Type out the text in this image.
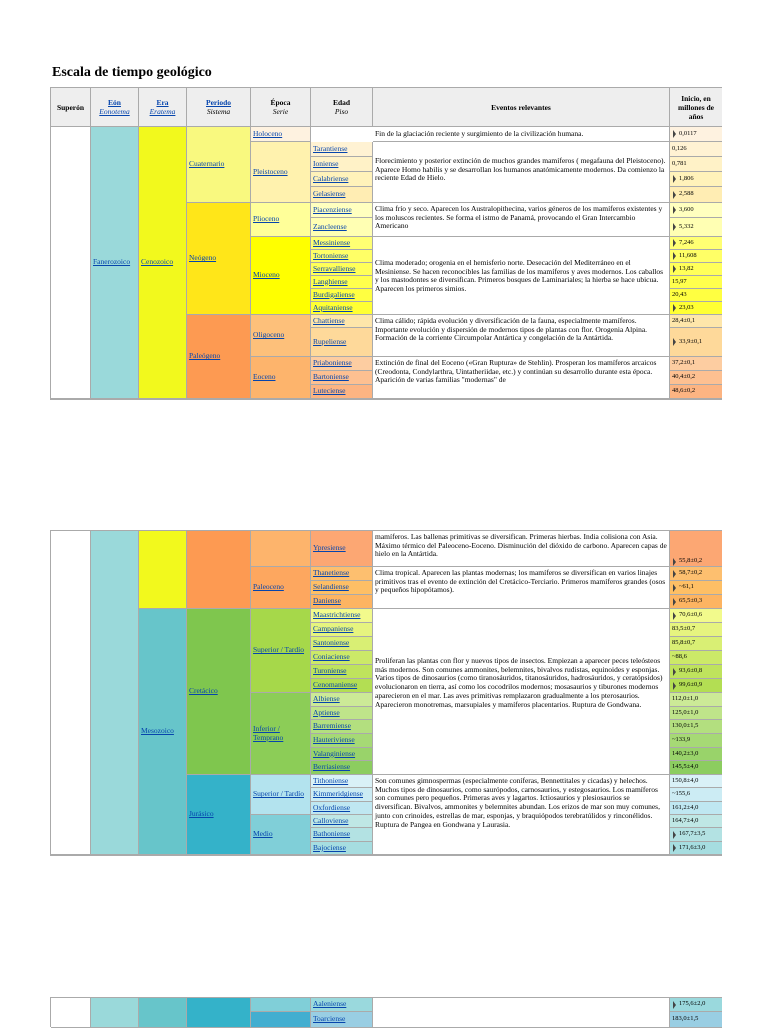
Escala de tiempo geológico
Superón	Eón
Eonotema
Era
Eratema
Periodo
Sistema
Época
Serie
Edad
Piso	Eventos relevantes
Inicio, en millones de años
Fanerozoico Cenozoico
Cuaternario
Neógeno
Paleógeno
Holoceno
Pleistoceno
Plioceno
Mioceno
Oligoceno
Eoceno
Tarantiense
Ioniense
Calabriense
Gelasiense
Piacenziense
Zancleense
Messiniense
Tortoniense
Serravalliense
Langhiense
Burdigaliense
Aquitaniense
Chattiense
Rupeliense
Priaboniense
Bartoniense
Luteciense
Fin de la glaciación reciente y surgimiento de la civilización humana.
Florecimiento y posterior extinción de muchos grandes mamíferos ( megafauna del Pleistoceno). Aparece Homo habilis y se desarrollan los humanos anatómicamente modernos. Da comienzo la reciente Edad de Hielo.
Clima frío y seco. Aparecen los Australopithecina, varios géneros de los mamíferos existentes y los moluscos recientes. Se forma el istmo de Panamá, provocando el Gran Intercambio Americano
Clima moderado; orogenia en el hemisferio norte. Desecación del Mediterráneo en el Mesiniense. Se hacen reconocibles las familias de los mamíferos y aves modernos. Los caballos y los mastodontes se diversifican. Primeros bosques de Laminariales; la hierba se hace ubicua. Aparecen los primeros simios.
Clima cálido; rápida evolución y diversificación de la fauna, especialmente mamíferos. Importante evolución y dispersión de modernos tipos de plantas con flor. Orogenia Alpina. Formación de la corriente Circumpolar Antártica y congelación de la Antártida.
Extinción de final del Eoceno («Gran Ruptura» de Stehlin). Prosperan los mamíferos arcaicos (Creodonta, Condylarthra, Uintatheriidae, etc.) y continúan su desarrollo durante esta época. Aparición de varias familias "modernas" de
0,0117
0,126
0,781
1,806
2,588
3,600
5,332
7,246
11,608
13,82
15,97
20,43
23,03
28,4±0,1
33,9±0,1
37,2±0,1
40,4±0,2
48,6±0,2
Mesozoico
Cretácico
Jurásico
Paleoceno
Superior / Tardío
Inferior / Temprano
Superior / Tardío
Medio
Ypresiense
Thanetiense
Selandiense
Daniense
Maastrichtiense
Campaniense
Santoniense
Coniaciense
Turoniense
Cenomaniense
Albiense
Aptiense
Barremiense
Hauteriviense
Valanginiense
Berriasiense
Tithoniense
Kimmeridgiense
Oxfordiense
Calloviense
Bathoniense
Bajociense
mamíferos. Las ballenas primitivas se diversifican. Primeras hierbas. India colisiona con Asia. Máximo térmico del Paleoceno-Eoceno. Disminución del dióxido de carbono. Aparecen capas de hielo en la Antártida.
Clima tropical. Aparecen las plantas modernas; los mamíferos se diversifican en varios linajes primitivos tras el evento de extinción del Cretácico-Terciario. Primeros mamíferos grandes (osos y pequeños hipopótamos).
Proliferan las plantas con flor y nuevos tipos de insectos. Empiezan a aparecer peces teleósteos más modernos. Son comunes ammonites, belemnites, bivalvos rudistas, equinoides y esponjas. Varios tipos de dinosaurios (como tiranosáuridos, titanosáuridos, hadrosáuridos, y ceratópsidos) evolucionaron en tierra, así como los cocodrilos modernos; mosasaurios y tiburones modernos aparecieron en el mar. Las aves primitivas remplazaron gradualmente a los pterosaurios. Aparecieron monotremas, marsupiales y mamíferos placentarios. Ruptura de Gondwana.
Son comunes gimnospermas (especialmente coníferas, Bennettitales y cicadas) y helechos. Muchos tipos de dinosaurios, como saurópodos, carnosaurios, y estegosaurios. Los mamíferos son comunes pero pequeños. Primeras aves y lagartos. Ictiosaurios y plesiosaurios se diversifican. Bivalvos, ammonites y belemnites abundan. Los erizos de mar son muy comunes, junto con crinoides, estrellas de mar, esponjas, y braquiópodos terebratúlidos y rinconélidos. Ruptura de Pangea en Gondwana y Laurasia.
55,8±0,2
58,7±0,2
~61,1
65,5±0,3
70,6±0,6
83,5±0,7
85,8±0,7
~88,6
93,6±0,8
99,6±0,9
112,0±1,0
125,0±1,0
130,0±1,5
~133,9
140,2±3,0
145,5±4,0
150,8±4,0
~155,6
161,2±4,0
164,7±4,0
167,7±3,5
171,6±3,0
Aaleniense
Toarciense
175,6±2,0
183,0±1,5
